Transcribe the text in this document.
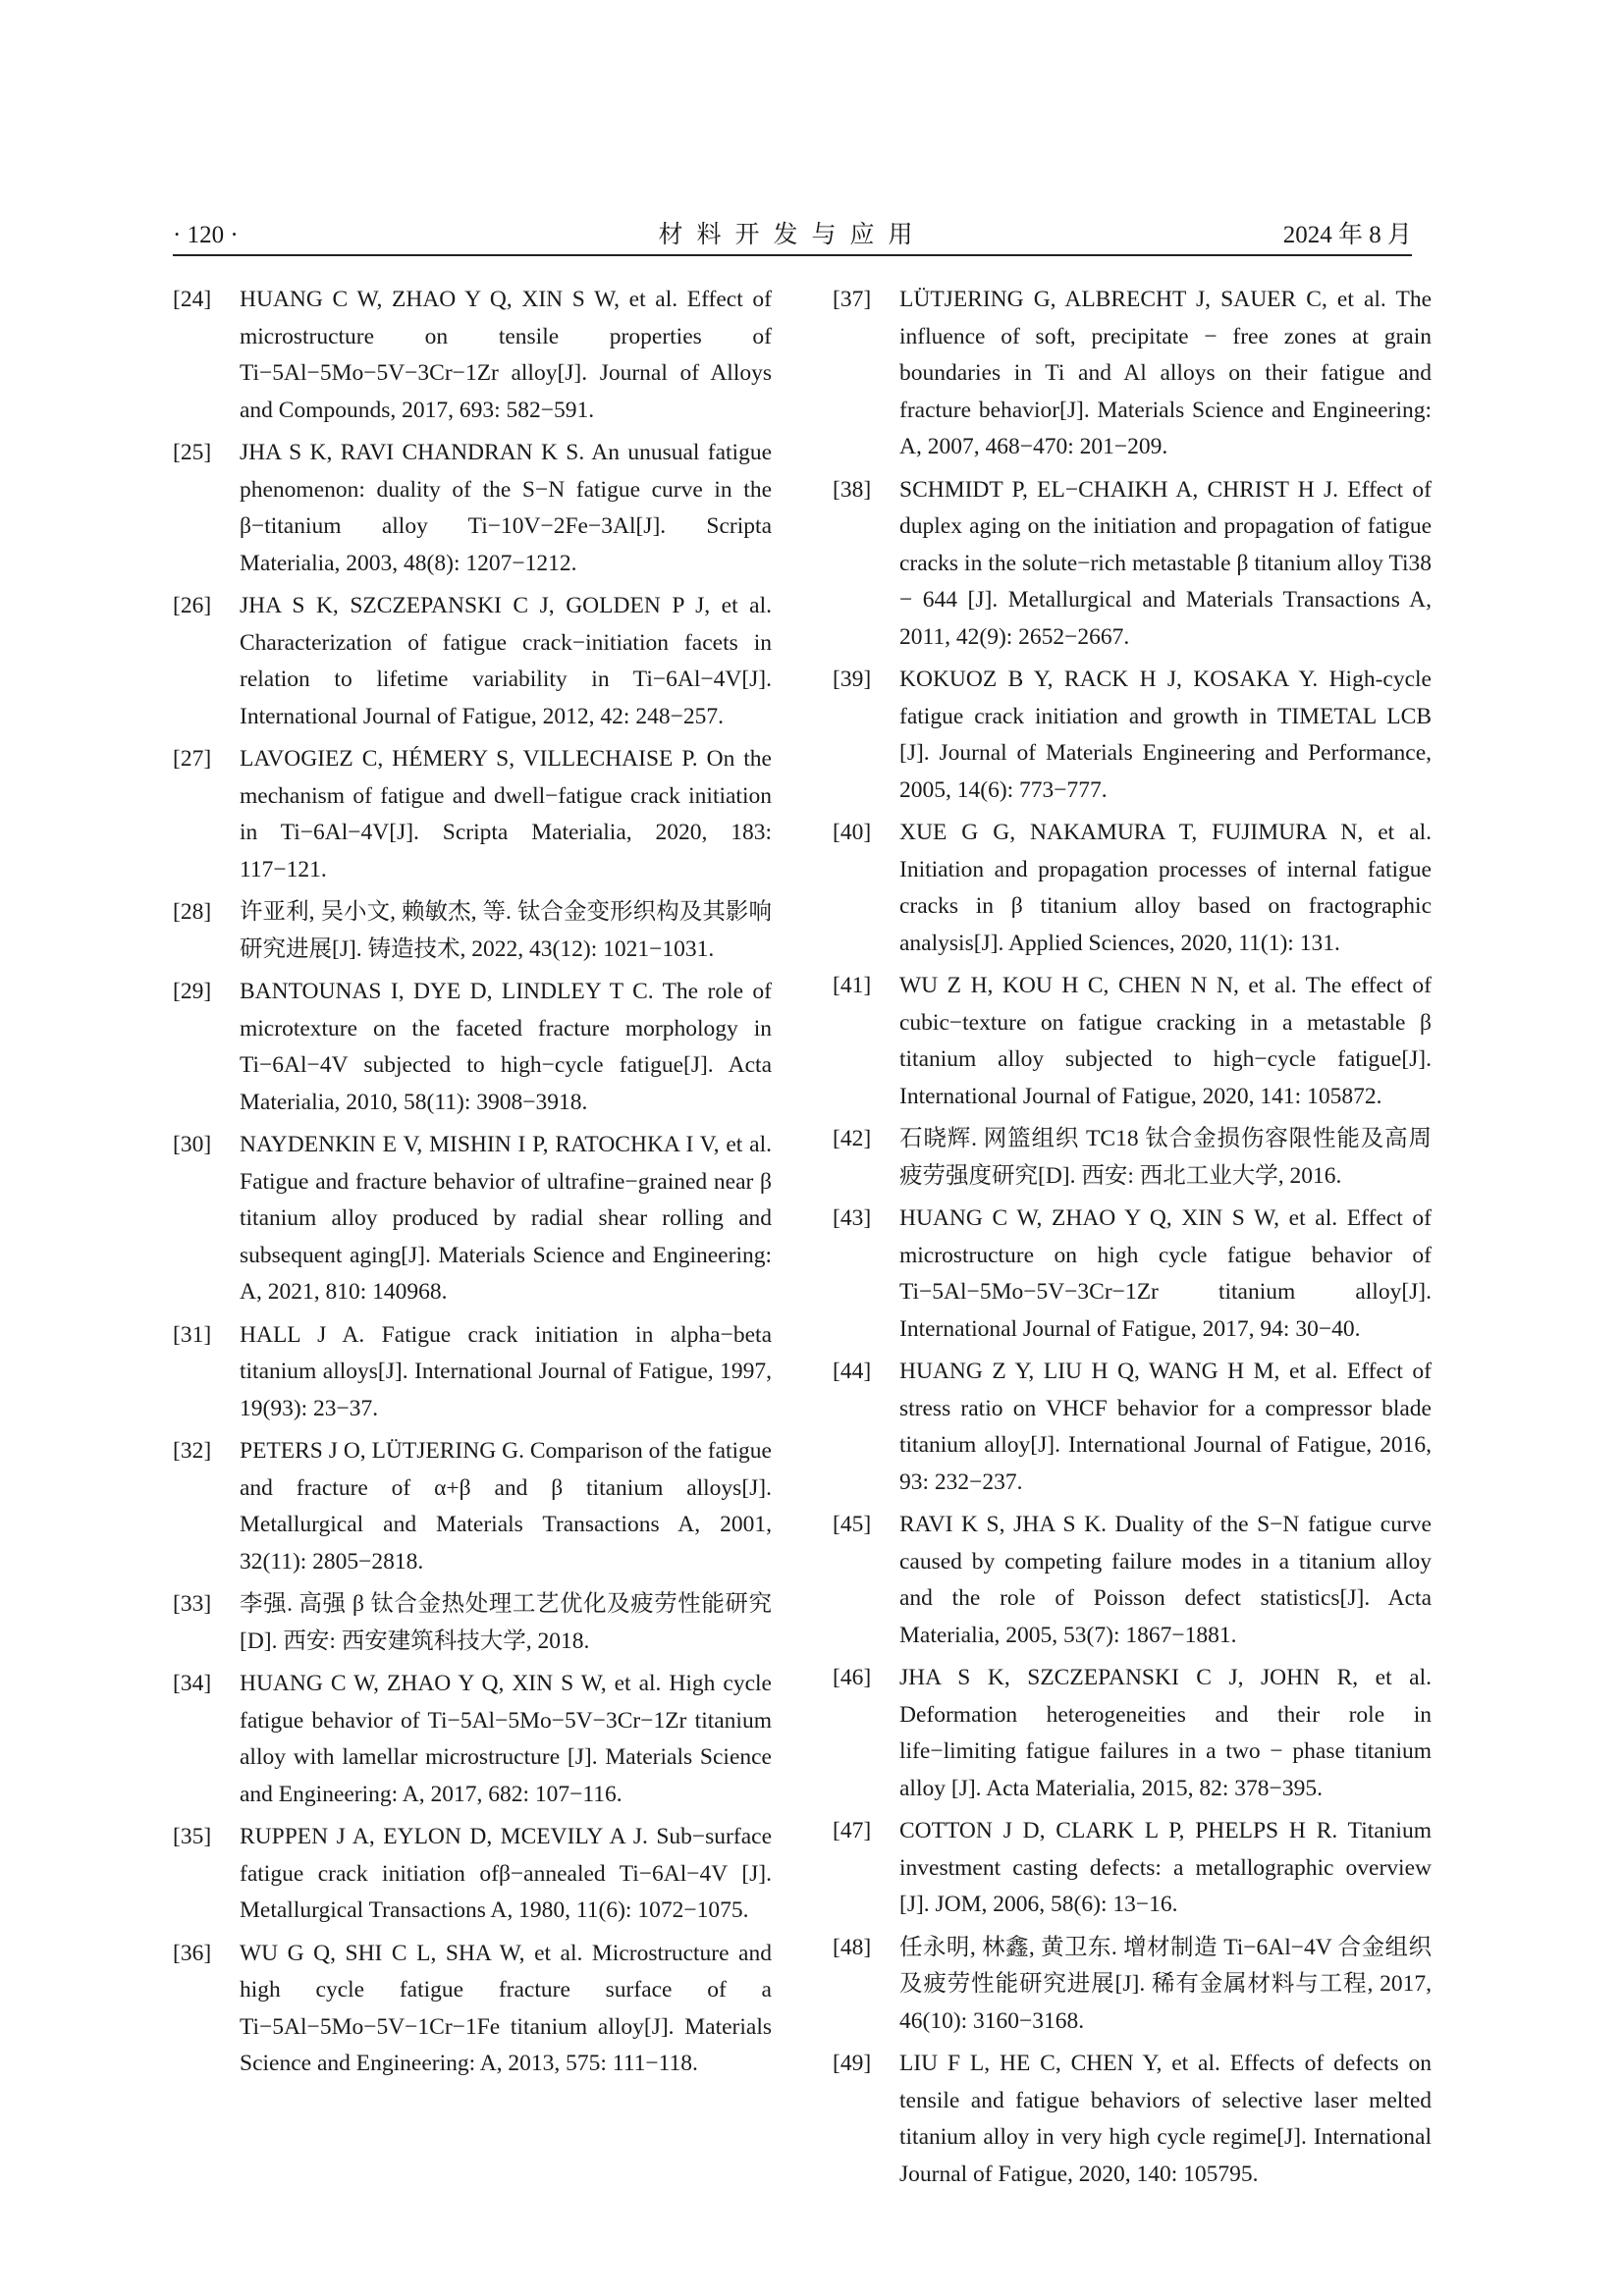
· 120 ·	材料开发与应用	2024 年 8 月
[24] HUANG C W, ZHAO Y Q, XIN S W, et al. Effect of microstructure on tensile properties of Ti−5Al−5Mo−5V−3Cr−1Zr alloy[J]. Journal of Alloys and Compounds, 2017, 693: 582−591.
[25] JHA S K, RAVI CHANDRAN K S. An unusual fatigue phenomenon: duality of the S−N fatigue curve in the β−titanium alloy Ti−10V−2Fe−3Al[J]. Scripta Materialia, 2003, 48(8): 1207−1212.
[26] JHA S K, SZCZEPANSKI C J, GOLDEN P J, et al. Characterization of fatigue crack−initiation facets in relation to lifetime variability in Ti−6Al−4V[J]. International Journal of Fatigue, 2012, 42: 248−257.
[27] LAVOGIEZ C, HÉMERY S, VILLECHAISE P. On the mechanism of fatigue and dwell−fatigue crack initiation in Ti−6Al−4V[J]. Scripta Materialia, 2020, 183: 117−121.
[28] 许亚利, 吴小文, 赖敏杰, 等. 钛合金变形织构及其影响研究进展[J]. 铸造技术, 2022, 43(12): 1021−1031.
[29] BANTOUNAS I, DYE D, LINDLEY T C. The role of microtexture on the faceted fracture morphology in Ti−6Al−4V subjected to high−cycle fatigue[J]. Acta Materialia, 2010, 58(11): 3908−3918.
[30] NAYDENKIN E V, MISHIN I P, RATOCHKA I V, et al. Fatigue and fracture behavior of ultrafine−grained near β titanium alloy produced by radial shear rolling and subsequent aging[J]. Materials Science and Engineering: A, 2021, 810: 140968.
[31] HALL J A. Fatigue crack initiation in alpha−beta titanium alloys[J]. International Journal of Fatigue, 1997, 19(93): 23−37.
[32] PETERS J O, LÜTJERING G. Comparison of the fatigue and fracture of α+β and β titanium alloys[J]. Metallurgical and Materials Transactions A, 2001, 32(11): 2805−2818.
[33] 李强. 高强 β 钛合金热处理工艺优化及疲劳性能研究[D]. 西安: 西安建筑科技大学, 2018.
[34] HUANG C W, ZHAO Y Q, XIN S W, et al. High cycle fatigue behavior of Ti−5Al−5Mo−5V−3Cr−1Zr titanium alloy with lamellar microstructure [J]. Materials Science and Engineering: A, 2017, 682: 107−116.
[35] RUPPEN J A, EYLON D, MCEVILY A J. Sub−surface fatigue crack initiation ofβ−annealed Ti−6Al−4V [J]. Metallurgical Transactions A, 1980, 11(6): 1072−1075.
[36] WU G Q, SHI C L, SHA W, et al. Microstructure and high cycle fatigue fracture surface of a Ti−5Al−5Mo−5V−1Cr−1Fe titanium alloy[J]. Materials Science and Engineering: A, 2013, 575: 111−118.
[37] LÜTJERING G, ALBRECHT J, SAUER C, et al. The influence of soft, precipitate − free zones at grain boundaries in Ti and Al alloys on their fatigue and fracture behavior[J]. Materials Science and Engineering: A, 2007, 468−470: 201−209.
[38] SCHMIDT P, EL−CHAIKH A, CHRIST H J. Effect of duplex aging on the initiation and propagation of fatigue cracks in the solute−rich metastable β titanium alloy Ti38 − 644 [J]. Metallurgical and Materials Transactions A, 2011, 42(9): 2652−2667.
[39] KOKUOZ B Y, RACK H J, KOSAKA Y. High-cycle fatigue crack initiation and growth in TIMETAL LCB [J]. Journal of Materials Engineering and Performance, 2005, 14(6): 773−777.
[40] XUE G G, NAKAMURA T, FUJIMURA N, et al. Initiation and propagation processes of internal fatigue cracks in β titanium alloy based on fractographic analysis[J]. Applied Sciences, 2020, 11(1): 131.
[41] WU Z H, KOU H C, CHEN N N, et al. The effect of cubic−texture on fatigue cracking in a metastable β titanium alloy subjected to high−cycle fatigue[J]. International Journal of Fatigue, 2020, 141: 105872.
[42] 石晓辉. 网篮组织 TC18 钛合金损伤容限性能及高周疲劳强度研究[D]. 西安: 西北工业大学, 2016.
[43] HUANG C W, ZHAO Y Q, XIN S W, et al. Effect of microstructure on high cycle fatigue behavior of Ti−5Al−5Mo−5V−3Cr−1Zr titanium alloy[J]. International Journal of Fatigue, 2017, 94: 30−40.
[44] HUANG Z Y, LIU H Q, WANG H M, et al. Effect of stress ratio on VHCF behavior for a compressor blade titanium alloy[J]. International Journal of Fatigue, 2016, 93: 232−237.
[45] RAVI K S, JHA S K. Duality of the S−N fatigue curve caused by competing failure modes in a titanium alloy and the role of Poisson defect statistics[J]. Acta Materialia, 2005, 53(7): 1867−1881.
[46] JHA S K, SZCZEPANSKI C J, JOHN R, et al. Deformation heterogeneities and their role in life−limiting fatigue failures in a two − phase titanium alloy [J]. Acta Materialia, 2015, 82: 378−395.
[47] COTTON J D, CLARK L P, PHELPS H R. Titanium investment casting defects: a metallographic overview [J]. JOM, 2006, 58(6): 13−16.
[48] 任永明, 林鑫, 黄卫东. 增材制造 Ti−6Al−4V 合金组织及疲劳性能研究进展[J]. 稀有金属材料与工程, 2017, 46(10): 3160−3168.
[49] LIU F L, HE C, CHEN Y, et al. Effects of defects on tensile and fatigue behaviors of selective laser melted titanium alloy in very high cycle regime[J]. International Journal of Fatigue, 2020, 140: 105795.
